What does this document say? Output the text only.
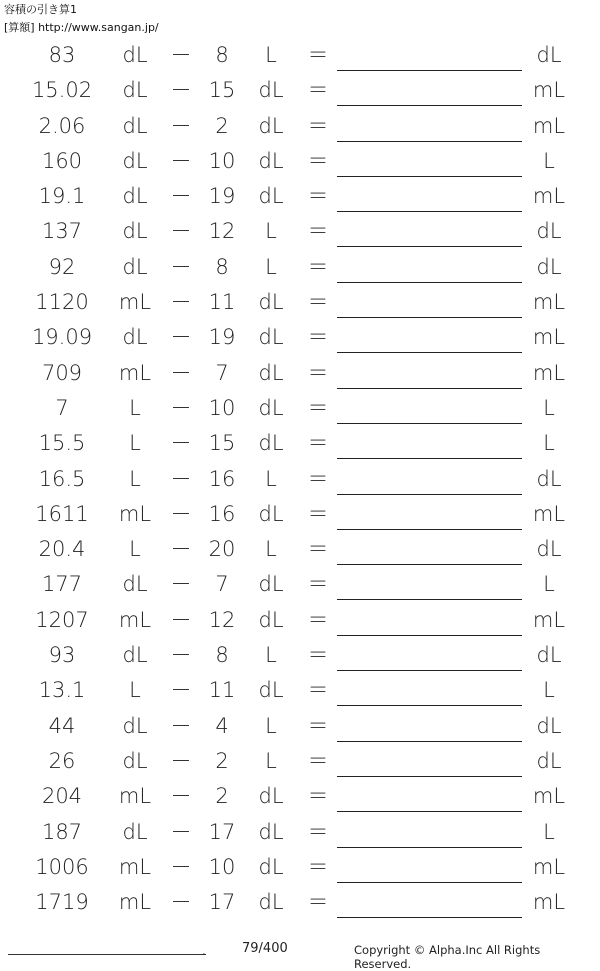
容積の引き算1
[算額] http://www.sangan.jp/
83	dL	－	8	L	＝	dL
15.02	dL	－ 15	dL	＝	mL
2.06	dL	－	2	dL	＝	mL
160	dL	－ 10	dL	＝	L
19.1	dL	－ 19	dL	＝	mL
137	dL	－ 12	L	＝	dL
92	dL	－	8	L	＝	dL
1120	mL － 11	dL	＝	mL
19.09	dL	－ 19	dL	＝	mL
709	mL －	7	dL	＝	mL
7	L	－ 10	dL	＝	L
15.5	L	－ 15	dL	＝	L
16.5	L	－ 16	L	＝	dL
1611	mL － 16	dL	＝	mL
20.4	L	－ 20	L	＝	dL
177	dL	－	7	dL	＝	L
1207	mL － 12	dL	＝	mL
93	dL	－	8	L	＝	dL
13.1	L	－ 11	dL	＝	L
44	dL	－	4	L	＝	dL
26	dL	－	2	L	＝	dL
204	mL －	2	dL	＝	mL
187	dL	－ 17	dL	＝	L
1006	mL － 10	dL	＝	mL
1719	mL － 17	dL	＝	mL
.	79/400	Copyright © Alpha.Inc All Rights Reserved.
